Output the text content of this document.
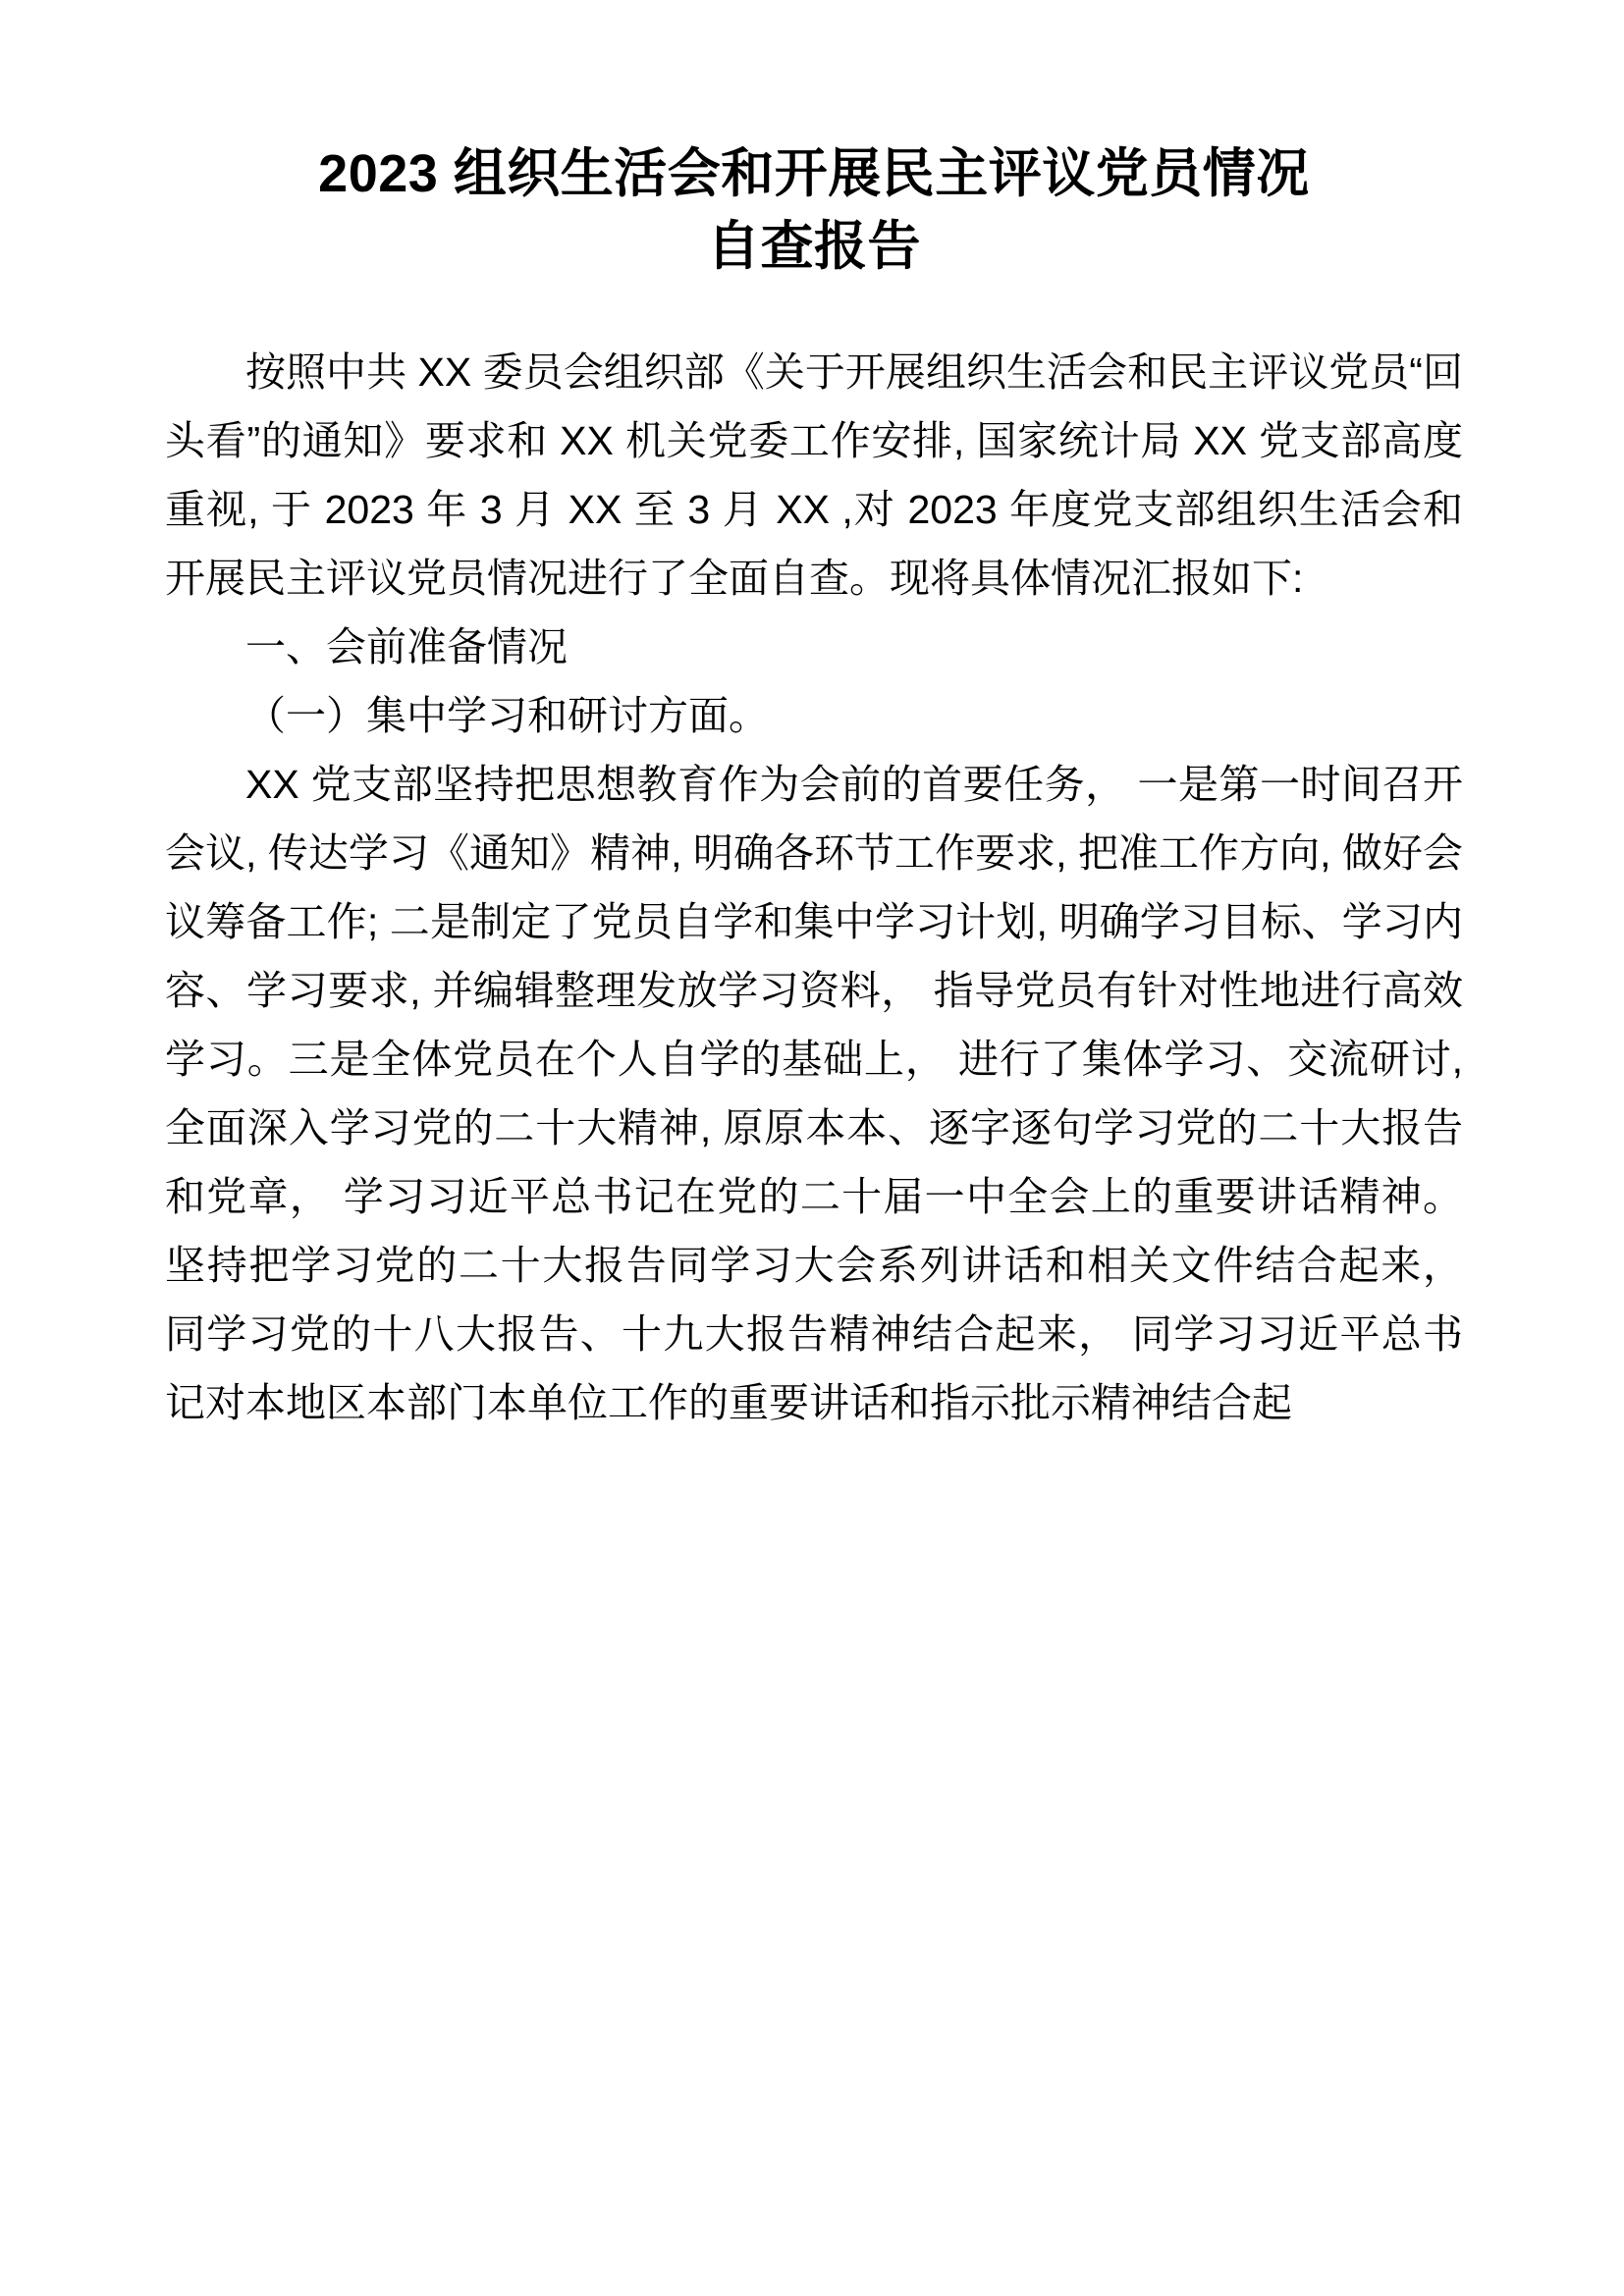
2023 组织生活会和开展民主评议党员情况
自查报告

按照中共 XX 委员会组织部《关于开展组织生活会和民主评议党员“回头看”的通知》要求和 XX 机关党委工作安排, 国家统计局 XX 党支部高度重视, 于 2023 年 3 月 XX 至 3 月 XX ,对 2023 年度党支部组织生活会和开展民主评议党员情况进行了全面自查。现将具体情况汇报如下:

一、会前准备情况

（一）集中学习和研讨方面。

XX 党支部坚持把思想教育作为会前的首要任务， 一是第一时间召开会议, 传达学习《通知》精神, 明确各环节工作要求, 把准工作方向, 做好会议筹备工作; 二是制定了党员自学和集中学习计划, 明确学习目标、学习内容、学习要求, 并编辑整理发放学习资料， 指导党员有针对性地进行高效学习。三是全体党员在个人自学的基础上， 进行了集体学习、交流研讨, 全面深入学习党的二十大精神, 原原本本、逐字逐句学习党的二十大报告和党章， 学习习近平总书记在党的二十届一中全会上的重要讲话精神。坚持把学习党的二十大报告同学习大会系列讲话和相关文件结合起来， 同学习党的十八大报告、十九大报告精神结合起来， 同学习习近平总书记对本地区本部门本单位工作的重要讲话和指示批示精神结合起
